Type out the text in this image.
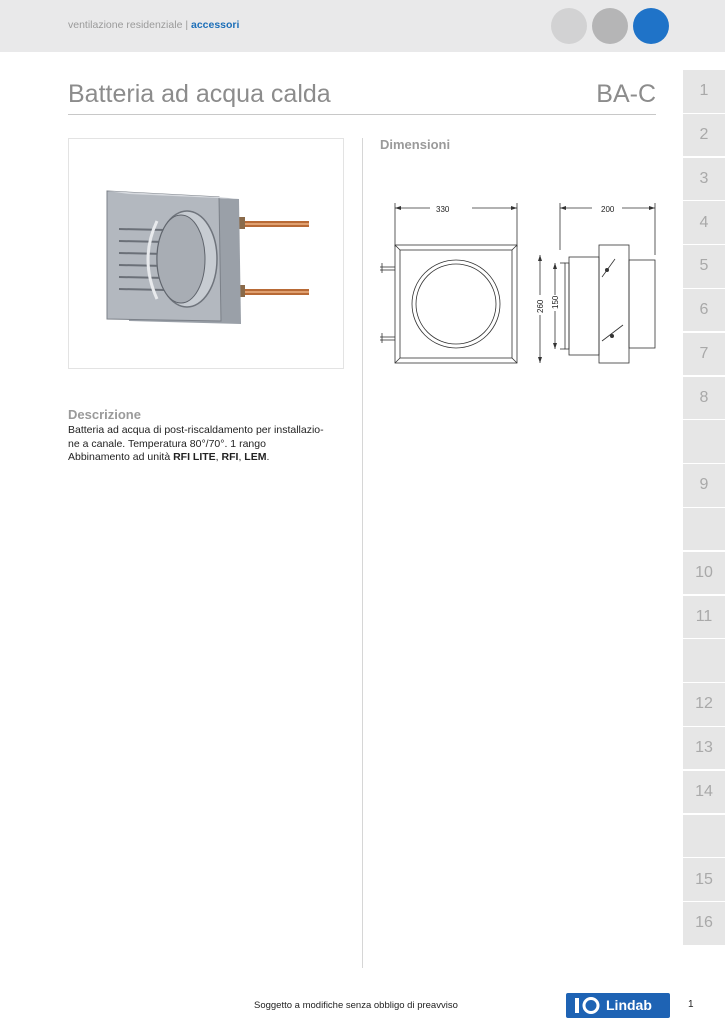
ventilazione residenziale | accessori
Batteria ad acqua calda	BA-C	1
2
3
4
5
6
7
8
9
10
11
12
13
14
15
16
Dimensioni
330	200
260 150
Descrizione

Batteria ad acqua di post-riscaldamento per installazio-

ne a canale. Temperatura 80°/70°. 1 rango

Abbinamento ad unità RFI LITE, RFI, LEM.

Soggetto a modifiche senza obbligo di preavviso	Lindab	1
